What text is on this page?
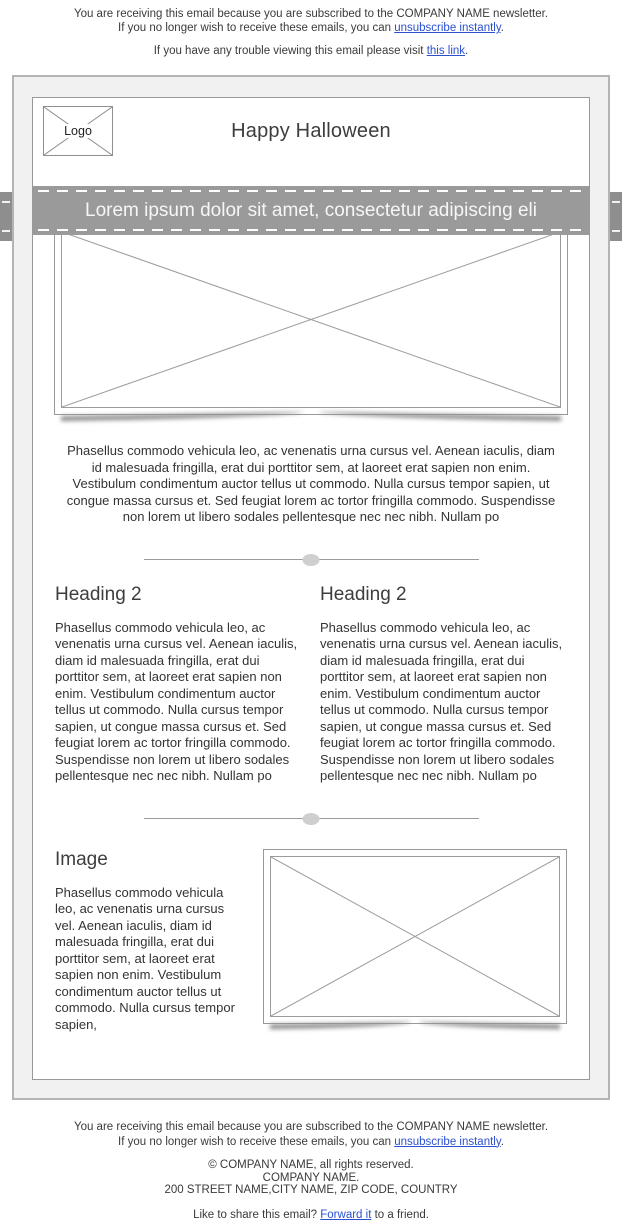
You are receiving this email because you are subscribed to the COMPANY NAME newsletter.
If you no longer wish to receive these emails, you can unsubscribe instantly.
If you have any trouble viewing this email please visit this link.
Logo	Happy Halloween
Lorem ipsum dolor sit amet, consectetur adipiscing eli

Phasellus commodo vehicula leo, ac venenatis urna cursus vel. Aenean iaculis, diam id malesuada fringilla, erat dui porttitor sem, at laoreet erat sapien non enim. Vestibulum condimentum auctor tellus ut commodo. Nulla cursus tempor sapien, ut congue massa cursus et. Sed feugiat lorem ac tortor fringilla commodo. Suspendisse non lorem ut libero sodales pellentesque nec nec nibh. Nullam po

Heading 2

Phasellus commodo vehicula leo, ac venenatis urna cursus vel. Aenean iaculis, diam id malesuada fringilla, erat dui porttitor sem, at laoreet erat sapien non enim. Vestibulum condimentum auctor tellus ut commodo. Nulla cursus tempor sapien, ut congue massa cursus et. Sed feugiat lorem ac tortor fringilla commodo. Suspendisse non lorem ut libero sodales pellentesque nec nec nibh. Nullam po

Heading 2

Phasellus commodo vehicula leo, ac venenatis urna cursus vel. Aenean iaculis, diam id malesuada fringilla, erat dui porttitor sem, at laoreet erat sapien non enim. Vestibulum condimentum auctor tellus ut commodo. Nulla cursus tempor sapien, ut congue massa cursus et. Sed feugiat lorem ac tortor fringilla commodo. Suspendisse non lorem ut libero sodales pellentesque nec nec nibh. Nullam po

Image

Phasellus commodo vehicula leo, ac venenatis urna cursus vel. Aenean iaculis, diam id malesuada fringilla, erat dui porttitor sem, at laoreet erat sapien non enim. Vestibulum condimentum auctor tellus ut commodo. Nulla cursus tempor sapien,

You are receiving this email because you are subscribed to the COMPANY NAME newsletter.
If you no longer wish to receive these emails, you can unsubscribe instantly.
© COMPANY NAME, all rights reserved.
COMPANY NAME.
200 STREET NAME,CITY NAME, ZIP CODE, COUNTRY
Like to share this email? Forward it to a friend.
